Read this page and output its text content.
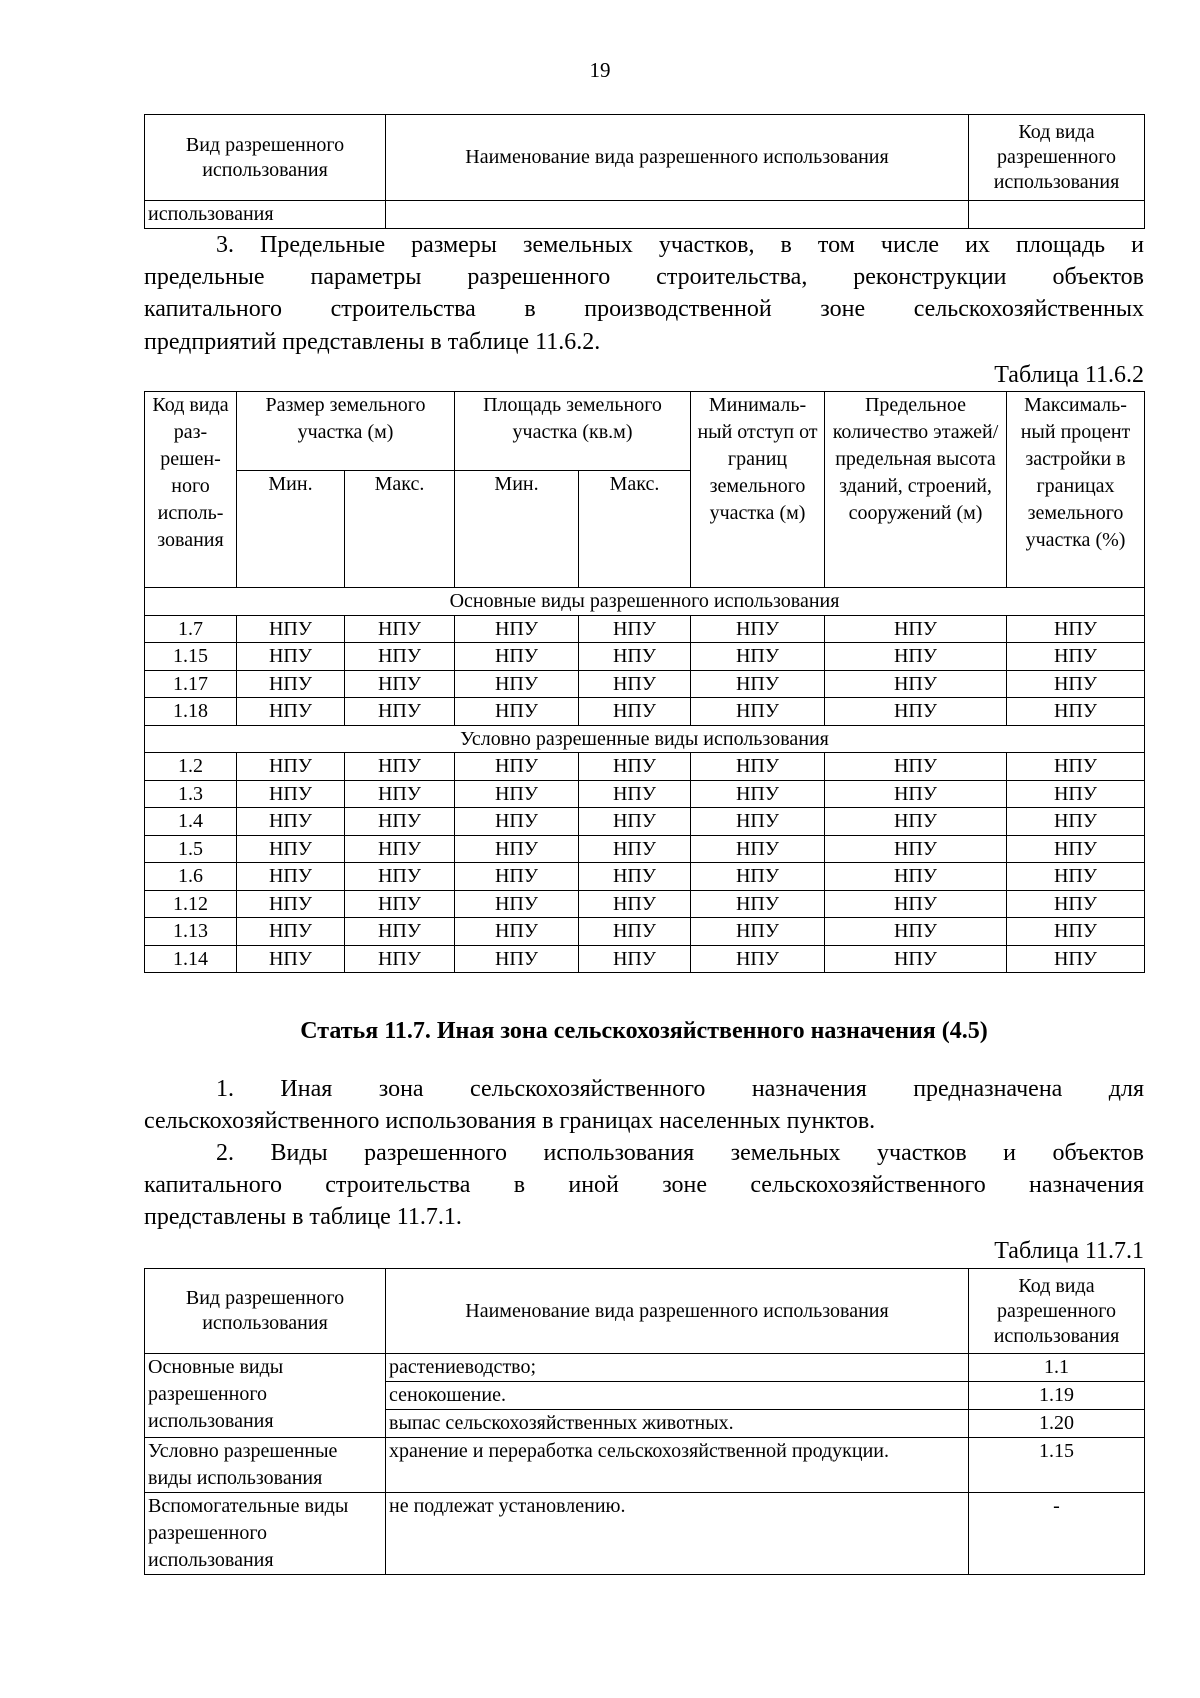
19
Вид разрешенного использования	Наименование вида разрешенного использования	Код вида разрешенного использования
использования		

3. Предельные размеры земельных участков, в том числе их площадь и

предельные параметры разрешенного строительства, реконструкции объектов

капитального строительства в производственной зоне сельскохозяйственных

предприятий представлены в таблице 11.6.2.

Таблица 11.6.2
Код вида раз-решен-ного исполь-зования	Размер земельного участка (м)		Площадь земельного участка (кв.м)		Минималь-ный отступ от границ земельного участка (м)	Предельное количество этажей/ предельная высота зданий, строений, сооружений (м)	Максималь-ный процент застройки в границах земельного участка (%)
	Мин.	Макс.	Мин.	Макс.			
Основные виды разрешенного использования							
1.7	НПУ	НПУ	НПУ	НПУ	НПУ	НПУ	НПУ
1.15	НПУ	НПУ	НПУ	НПУ	НПУ	НПУ	НПУ
1.17	НПУ	НПУ	НПУ	НПУ	НПУ	НПУ	НПУ
1.18	НПУ	НПУ	НПУ	НПУ	НПУ	НПУ	НПУ
Условно разрешенные виды использования							
1.2	НПУ	НПУ	НПУ	НПУ	НПУ	НПУ	НПУ
1.3	НПУ	НПУ	НПУ	НПУ	НПУ	НПУ	НПУ
1.4	НПУ	НПУ	НПУ	НПУ	НПУ	НПУ	НПУ
1.5	НПУ	НПУ	НПУ	НПУ	НПУ	НПУ	НПУ
1.6	НПУ	НПУ	НПУ	НПУ	НПУ	НПУ	НПУ
1.12	НПУ	НПУ	НПУ	НПУ	НПУ	НПУ	НПУ
1.13	НПУ	НПУ	НПУ	НПУ	НПУ	НПУ	НПУ
1.14	НПУ	НПУ	НПУ	НПУ	НПУ	НПУ	НПУ
Статья 11.7. Иная зона сельскохозяйственного назначения (4.5)

1. Иная зона сельскохозяйственного назначения предназначена для

сельскохозяйственного использования в границах населенных пунктов.

2. Виды разрешенного использования земельных участков и объектов

капитального строительства в иной зоне сельскохозяйственного назначения

представлены в таблице 11.7.1.

Таблица 11.7.1
Вид разрешенного использования	Наименование вида разрешенного использования	Код вида разрешенного использования
Основные виды разрешенного использования	растениеводство;	1.1
	сенокошение.	1.19
	выпас сельскохозяйственных животных.	1.20
Условно разрешенные виды использования	хранение и переработка сельскохозяйственной продукции.	1.15
Вспомогательные виды разрешенного использования	не подлежат установлению.	-
